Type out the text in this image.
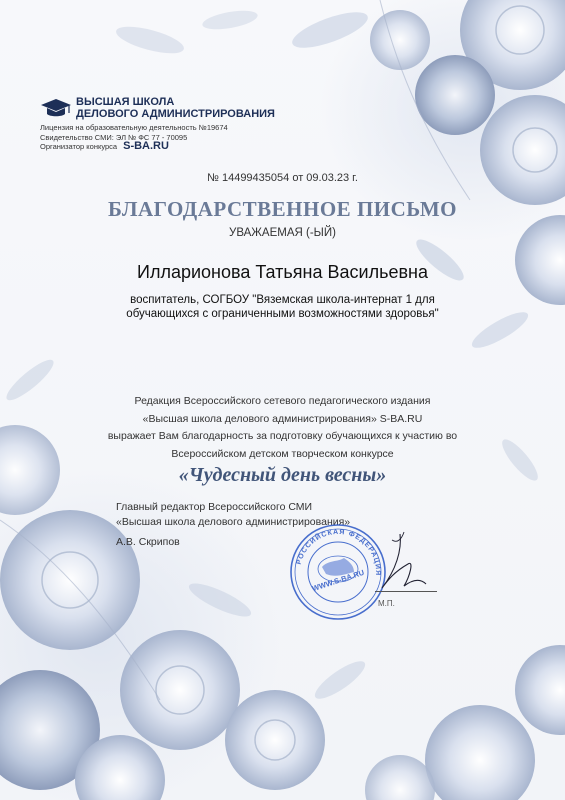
ВЫСШАЯ ШКОЛА
ДЕЛОВОГО АДМИНИСТРИРОВАНИЯ
Лицензия на образовательную деятельность №19674
Свидетельство СМИ: ЭЛ № ФС 77 - 70095
Организатор конкурса S-BA.RU
№ 14499435054 от 09.03.23 г.
БЛАГОДАРСТВЕННОЕ ПИСЬМО
УВАЖАЕМАЯ (-ЫЙ)
Илларионова Татьяна Васильевна
воспитатель, СОГБОУ "Вяземская школа-интернат 1 для
обучающихся с ограниченными возможностями здоровья"
Редакция Всероссийского сетевого педагогического издания
«Высшая школа делового администрирования» S-BA.RU
выражает Вам благодарность за подготовку обучающихся к участию во
Всероссийском детском творческом конкурсе
«Чудесный день весны»
Главный редактор Всероссийского СМИ
«Высшая школа делового администрирования»
А.В. Скрипов
РОССИЙСКАЯ ФЕДЕРАЦИЯ
WWW.S-BA.RU
М.П.
